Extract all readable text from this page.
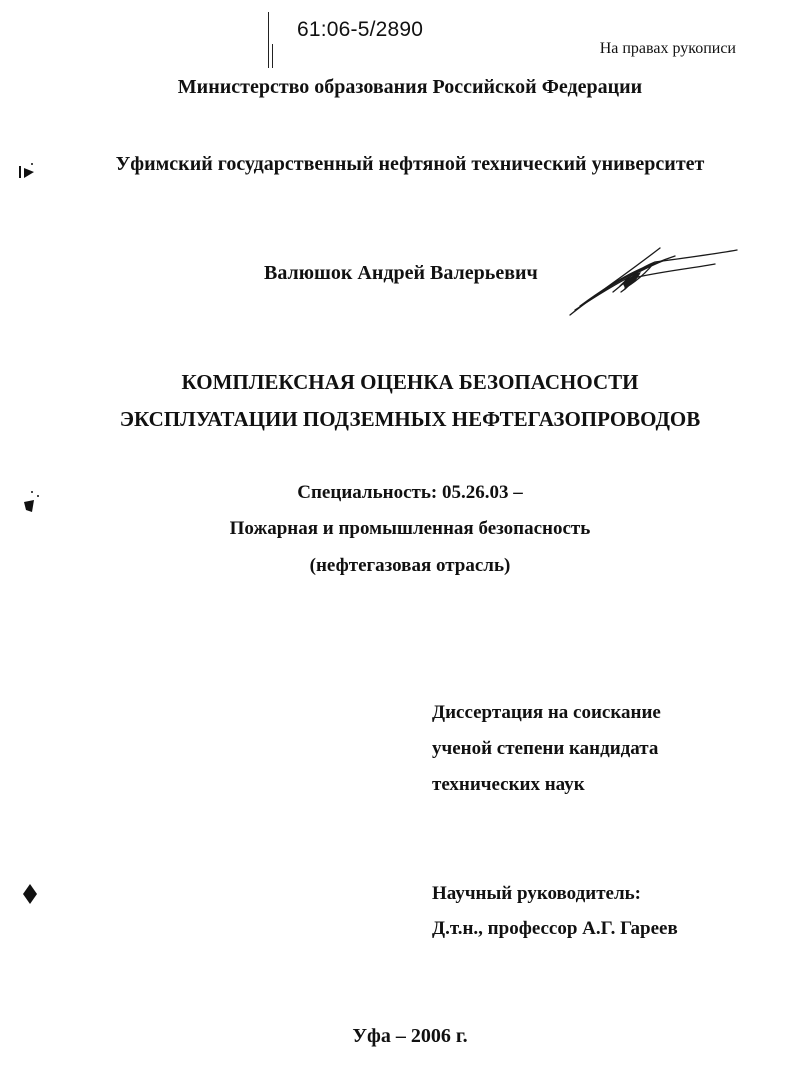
61:06-5/2890
На правах рукописи
Министерство образования Российской Федерации
Уфимский государственный нефтяной технический университет
Валюшок Андрей Валерьевич
КОМПЛЕКСНАЯ ОЦЕНКА БЕЗОПАСНОСТИ
ЭКСПЛУАТАЦИИ ПОДЗЕМНЫХ НЕФТЕГАЗОПРОВОДОВ
Специальность: 05.26.03 –
Пожарная и промышленная безопасность
(нефтегазовая отрасль)
Диссертация на соискание
ученой степени кандидата
технических наук
Научный руководитель:
Д.т.н., профессор А.Г. Гареев
Уфа – 2006 г.
